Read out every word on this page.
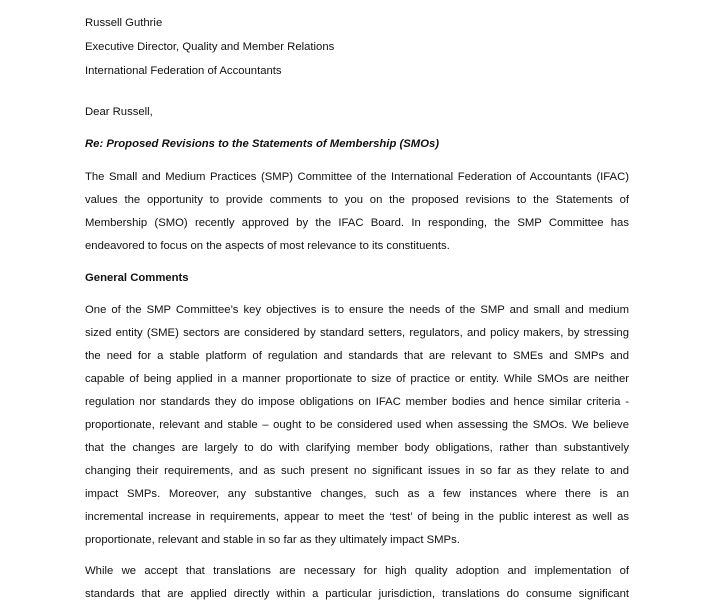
Russell Guthrie
Executive Director, Quality and Member Relations
International Federation of Accountants
Dear Russell,
Re: Proposed Revisions to the Statements of Membership (SMOs)
The Small and Medium Practices (SMP) Committee of the International Federation of Accountants (IFAC)
values the opportunity to provide comments to you on the proposed revisions to the Statements of
Membership (SMO) recently approved by the IFAC Board. In responding, the SMP Committee has
endeavored to focus on the aspects of most relevance to its constituents.
General Comments
One of the SMP Committee’s key objectives is to ensure the needs of the SMP and small and medium
sized entity (SME) sectors are considered by standard setters, regulators, and policy makers, by stressing
the need for a stable platform of regulation and standards that are relevant to SMEs and SMPs and
capable of being applied in a manner proportionate to size of practice or entity. While SMOs are neither
regulation nor standards they do impose obligations on IFAC member bodies and hence similar criteria -
proportionate, relevant and stable – ought to be considered used when assessing the SMOs. We believe
that the changes are largely to do with clarifying member body obligations, rather than substantively
changing their requirements, and as such present no significant issues in so far as they relate to and
impact SMPs. Moreover, any substantive changes, such as a few instances where there is an
incremental increase in requirements, appear to meet the ‘test’ of being in the public interest as well as
proportionate, relevant and stable in so far as they ultimately impact SMPs.
While we accept that translations are necessary for high quality adoption and implementation of
standards that are applied directly within a particular jurisdiction, translations do consume significant
